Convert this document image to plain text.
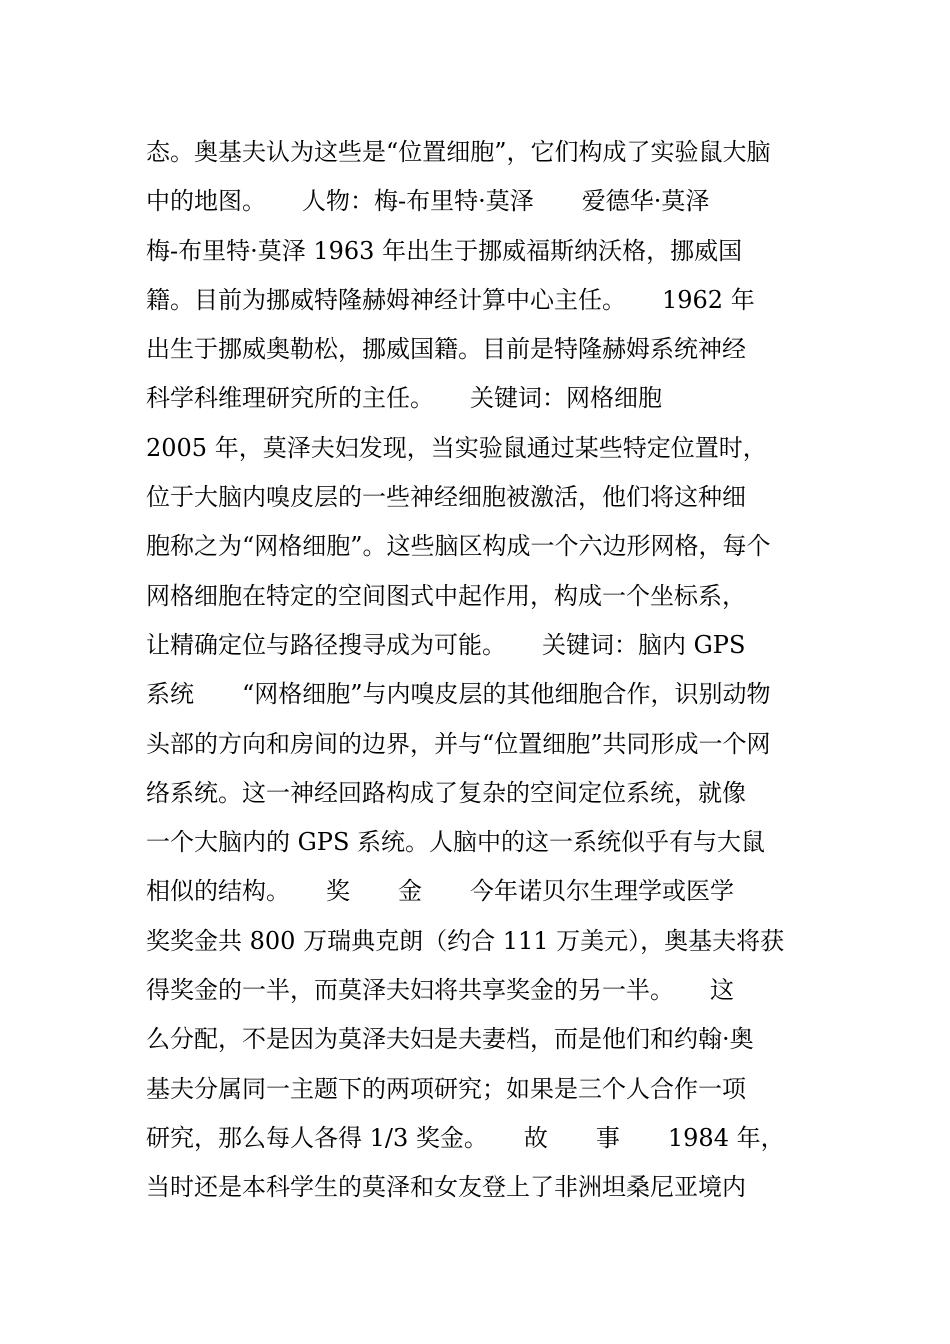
态。奥基夫认为这些是“位置细胞”，它们构成了实验鼠大脑
中的地图。　　人物：梅-布里特·莫泽　　爱德华·莫泽
梅-布里特·莫泽 1963 年出生于挪威福斯纳沃格，挪威国
籍。目前为挪威特隆赫姆神经计算中心主任。　　1962 年
出生于挪威奥勒松，挪威国籍。目前是特隆赫姆系统神经
科学科维理研究所的主任。　　关键词：网格细胞
2005 年，莫泽夫妇发现，当实验鼠通过某些特定位置时，
位于大脑内嗅皮层的一些神经细胞被激活，他们将这种细
胞称之为“网格细胞”。这些脑区构成一个六边形网格，每个
网格细胞在特定的空间图式中起作用，构成一个坐标系，
让精确定位与路径搜寻成为可能。　　关键词：脑内 GPS
系统　　“网格细胞”与内嗅皮层的其他细胞合作，识别动物
头部的方向和房间的边界，并与“位置细胞”共同形成一个网
络系统。这一神经回路构成了复杂的空间定位系统，就像
一个大脑内的 GPS 系统。人脑中的这一系统似乎有与大鼠
相似的结构。　　奖　　金　　今年诺贝尔生理学或医学
奖奖金共 800 万瑞典克朗（约合 111 万美元），奥基夫将获
得奖金的一半，而莫泽夫妇将共享奖金的另一半。　　这
么分配，不是因为莫泽夫妇是夫妻档，而是他们和约翰·奥
基夫分属同一主题下的两项研究；如果是三个人合作一项
研究，那么每人各得 1/3 奖金。　　故　　事　　1984 年，
当时还是本科学生的莫泽和女友登上了非洲坦桑尼亚境内
